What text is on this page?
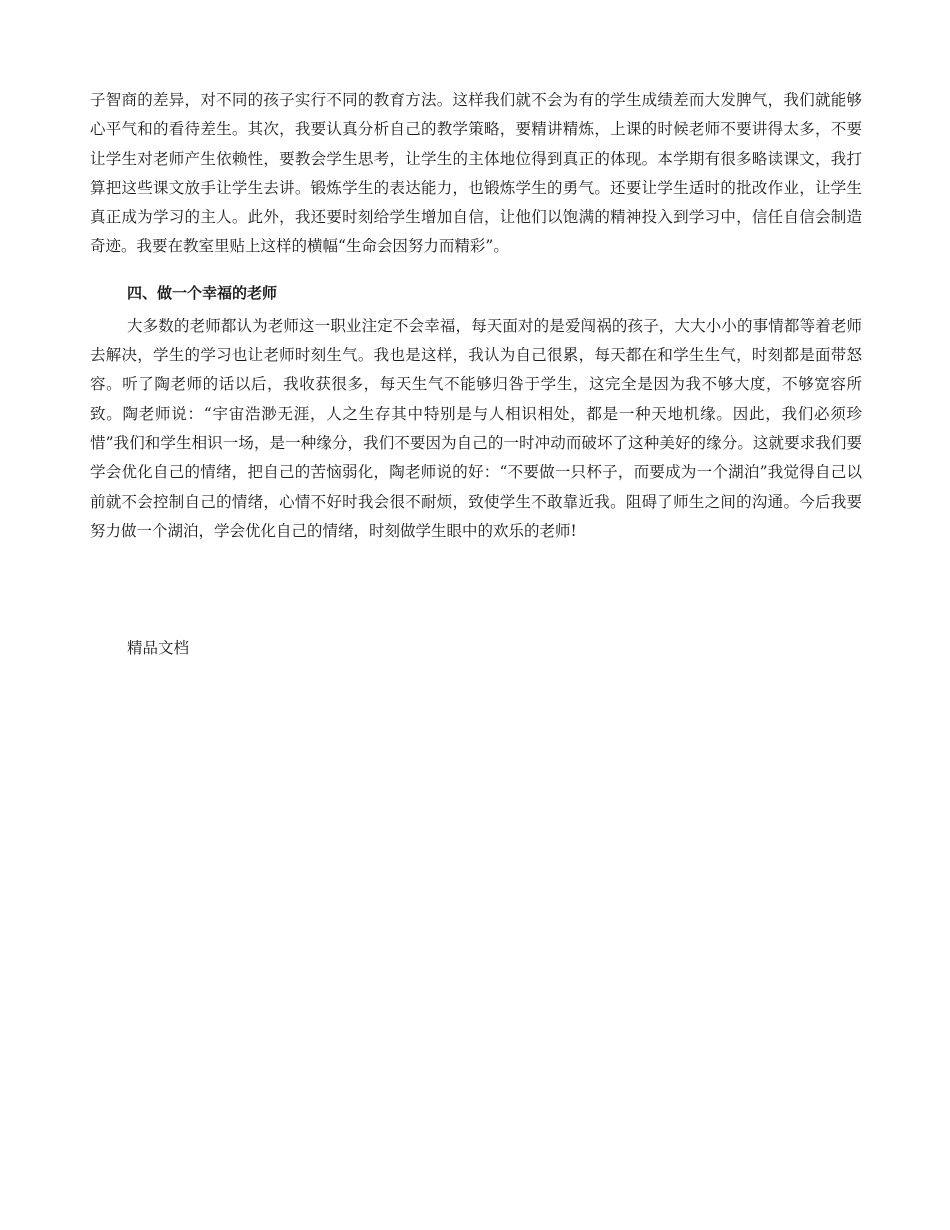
子智商的差异，对不同的孩子实行不同的教育方法。这样我们就不会为有的学生成绩差而大发脾气，我们就能够心平气和的看待差生。其次，我要认真分析自己的教学策略，要精讲精炼，上课的时候老师不要讲得太多，不要让学生对老师产生依赖性，要教会学生思考，让学生的主体地位得到真正的体现。本学期有很多略读课文，我打算把这些课文放手让学生去讲。锻炼学生的表达能力，也锻炼学生的勇气。还要让学生适时的批改作业，让学生真正成为学习的主人。此外，我还要时刻给学生增加自信，让他们以饱满的精神投入到学习中，信任自信会制造奇迹。我要在教室里贴上这样的横幅“生命会因努力而精彩”。

四、做一个幸福的老师

大多数的老师都认为老师这一职业注定不会幸福，每天面对的是爱闯祸的孩子，大大小小的事情都等着老师去解决，学生的学习也让老师时刻生气。我也是这样，我认为自己很累，每天都在和学生生气，时刻都是面带怒容。听了陶老师的话以后，我收获很多，每天生气不能够归咎于学生，这完全是因为我不够大度，不够宽容所致。陶老师说：“宇宙浩渺无涯，人之生存其中特别是与人相识相处，都是一种天地机缘。因此，我们必须珍惜”我们和学生相识一场，是一种缘分，我们不要因为自己的一时冲动而破坏了这种美好的缘分。这就要求我们要学会优化自己的情绪，把自己的苦恼弱化，陶老师说的好：“不要做一只杯子，而要成为一个湖泊”我觉得自己以前就不会控制自己的情绪，心情不好时我会很不耐烦，致使学生不敢靠近我。阻碍了师生之间的沟通。今后我要努力做一个湖泊，学会优化自己的情绪，时刻做学生眼中的欢乐的老师!

精品文档
